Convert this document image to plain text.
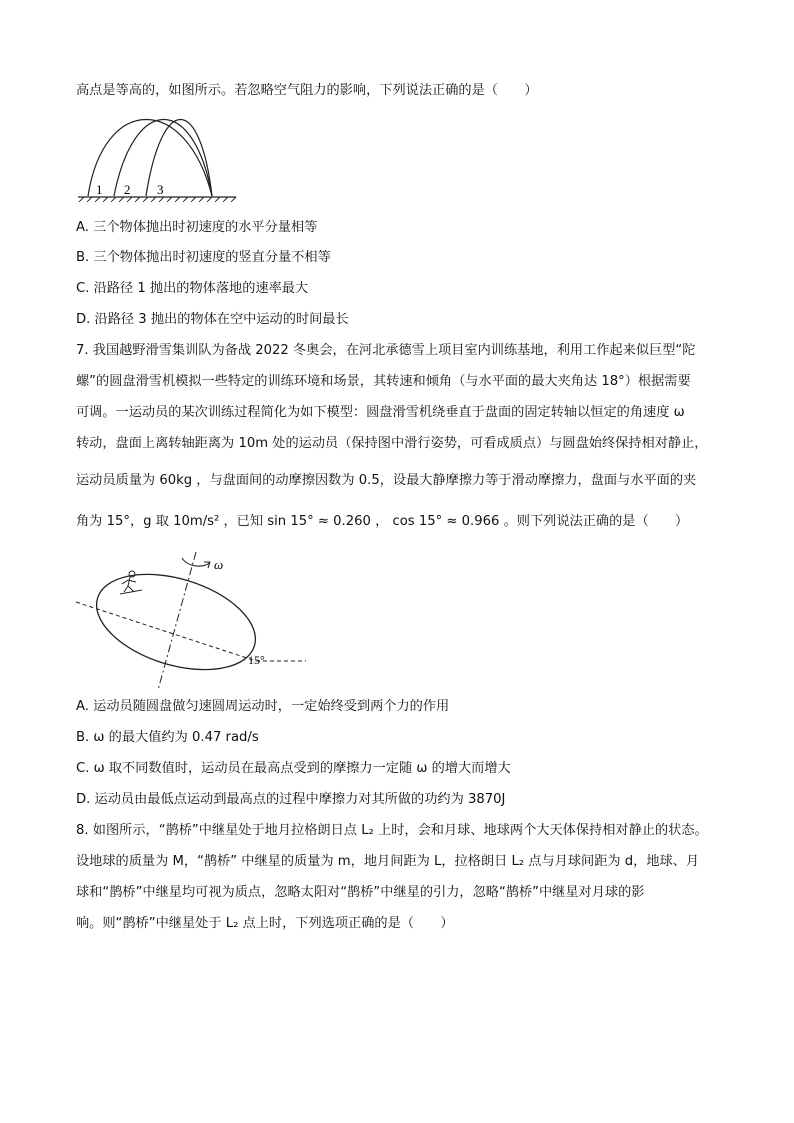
高点是等高的，如图所示。若忽略空气阻力的影响，下列说法正确的是（　　）
1 2 3
A. 三个物体抛出时初速度的水平分量相等
B. 三个物体抛出时初速度的竖直分量不相等
C. 沿路径 1 抛出的物体落地的速率最大
D. 沿路径 3 抛出的物体在空中运动的时间最长
7. 我国越野滑雪集训队为备战 2022 冬奥会，在河北承德雪上项目室内训练基地，利用工作起来似巨型“陀
螺”的圆盘滑雪机模拟一些特定的训练环境和场景，其转速和倾角（与水平面的最大夹角达 18°）根据需要
可调。一运动员的某次训练过程简化为如下模型：圆盘滑雪机绕垂直于盘面的固定转轴以恒定的角速度 ω
转动，盘面上离转轴距离为 10m 处的运动员（保持图中滑行姿势，可看成质点）与圆盘始终保持相对静止，
运动员质量为 60kg ，与盘面间的动摩擦因数为 0.5，设最大静摩擦力等于滑动摩擦力，盘面与水平面的夹
角为 15°，g 取 10m/s² ，已知 sin 15° ≈ 0.260 ， cos 15° ≈ 0.966 。则下列说法正确的是（　　）
ω
15°
A. 运动员随圆盘做匀速圆周运动时，一定始终受到两个力的作用
B. ω 的最大值约为 0.47 rad/s
C. ω 取不同数值时，运动员在最高点受到的摩擦力一定随 ω 的增大而增大
D. 运动员由最低点运动到最高点的过程中摩擦力对其所做的功约为 3870J
8. 如图所示，“鹊桥”中继星处于地月拉格朗日点 L₂ 上时，会和月球、地球两个大天体保持相对静止的状态。
设地球的质量为 M，“鹊桥” 中继星的质量为 m，地月间距为 L，拉格朗日 L₂ 点与月球间距为 d，地球、月
球和“鹊桥”中继星均可视为质点，忽略太阳对“鹊桥”中继星的引力，忽略“鹊桥”中继星对月球的影
响。则“鹊桥”中继星处于 L₂ 点上时，下列选项正确的是（　　）
